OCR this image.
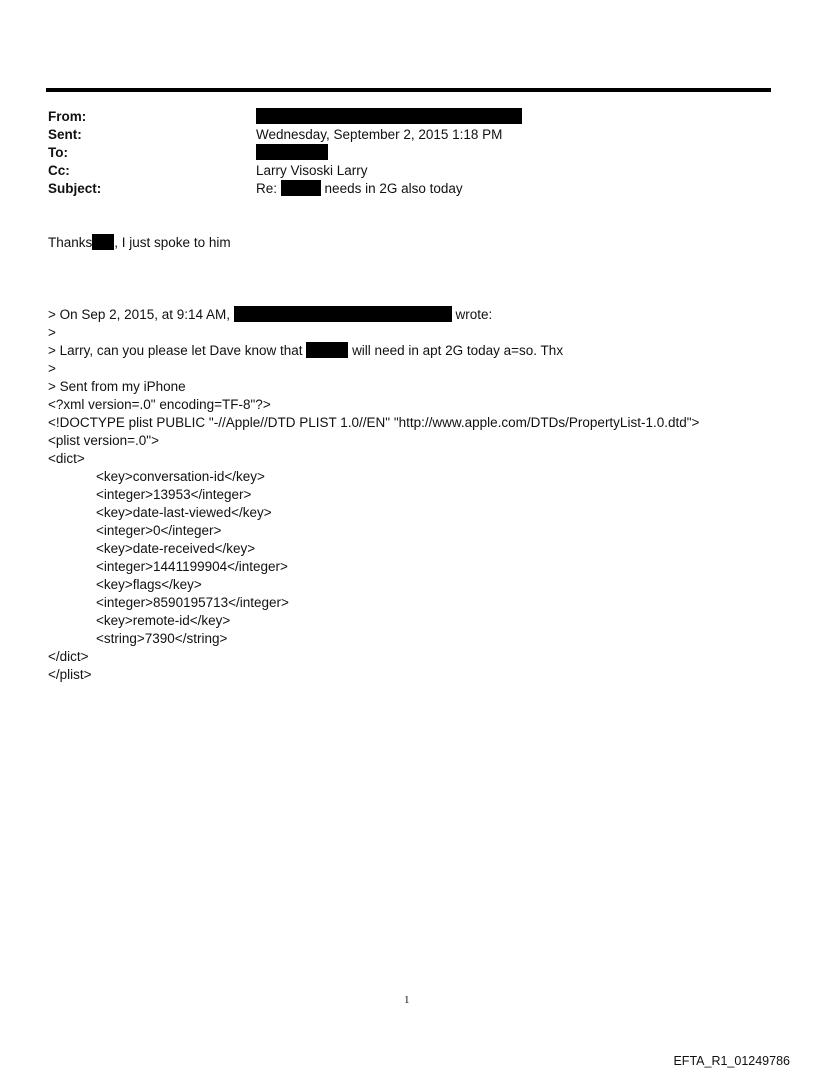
From:
Sent:	Wednesday, September 2, 2015 1:18 PM
To:
Cc:	Larry Visoski Larry
Subject:	Re:	needs in 2G also today
Thanks , I just spoke to him
> On Sep 2, 2015, at 9:14 AM,	wrote:
>
> Larry, can you please let Dave know that	will need in apt 2G today a=so. Thx
>
> Sent from my iPhone
<?xml version=.0" encoding=TF-8"?>
<!DOCTYPE plist PUBLIC "-//Apple//DTD PLIST 1.0//EN" "http://www.apple.com/DTDs/PropertyList-1.0.dtd">
<plist version=.0">
<dict>
<key>conversation-id</key>
<integer>13953</integer>
<key>date-last-viewed</key>
<integer>0</integer>
<key>date-received</key>
<integer>1441199904</integer>
<key>flags</key>
<integer>8590195713</integer>
<key>remote-id</key>
<string>7390</string>
</dict>
</plist>
1
EFTA_R1_01249786
